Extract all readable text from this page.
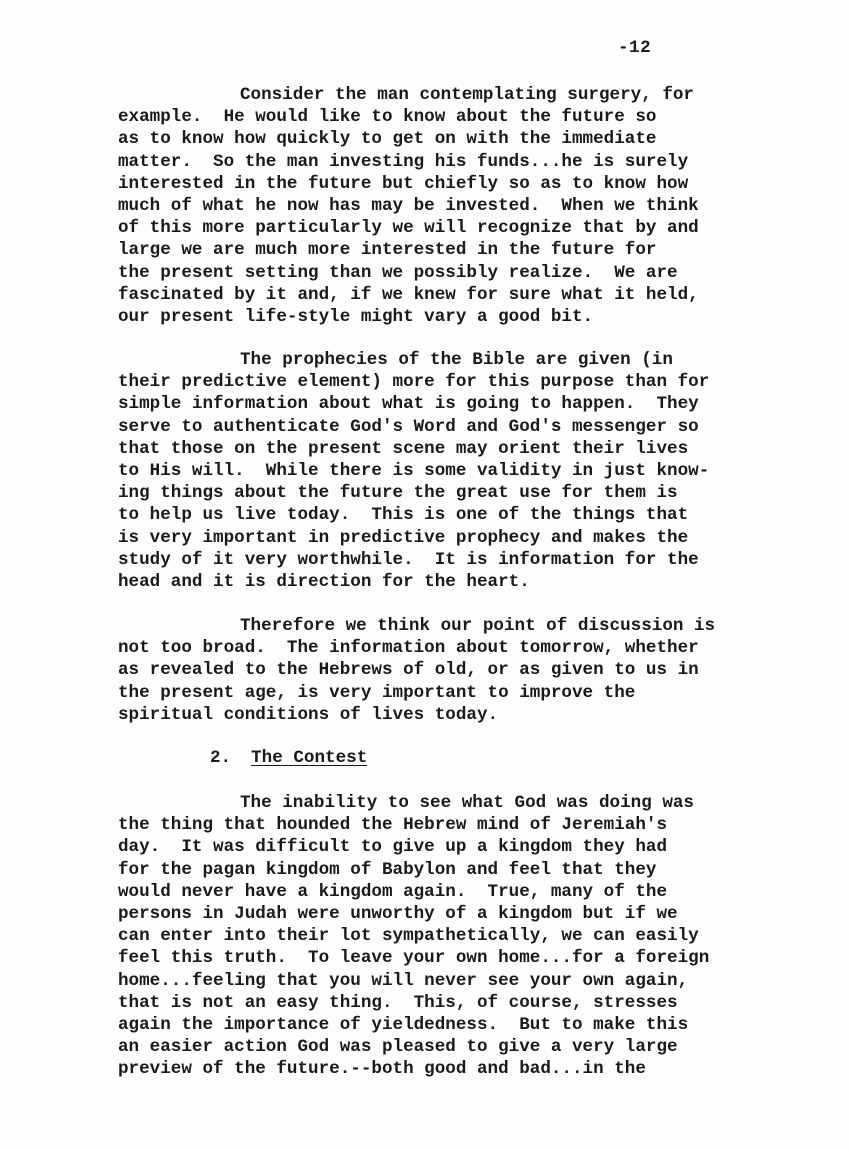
-12
Consider the man contemplating surgery, for
example.  He would like to know about the future so
as to know how quickly to get on with the immediate
matter.  So the man investing his funds...he is surely
interested in the future but chiefly so as to know how
much of what he now has may be invested.  When we think
of this more particularly we will recognize that by and
large we are much more interested in the future for
the present setting than we possibly realize.  We are
fascinated by it and, if we knew for sure what it held,
our present life-style might vary a good bit.
The prophecies of the Bible are given (in
their predictive element) more for this purpose than for
simple information about what is going to happen.  They
serve to authenticate God's Word and God's messenger so
that those on the present scene may orient their lives
to His will.  While there is some validity in just know-
ing things about the future the great use for them is
to help us live today.  This is one of the things that
is very important in predictive prophecy and makes the
study of it very worthwhile.  It is information for the
head and it is direction for the heart.
Therefore we think our point of discussion is
not too broad.  The information about tomorrow, whether
as revealed to the Hebrews of old, or as given to us in
the present age, is very important to improve the
spiritual conditions of lives today.
2. The Contest
The inability to see what God was doing was
the thing that hounded the Hebrew mind of Jeremiah's
day.  It was difficult to give up a kingdom they had
for the pagan kingdom of Babylon and feel that they
would never have a kingdom again.  True, many of the
persons in Judah were unworthy of a kingdom but if we
can enter into their lot sympathetically, we can easily
feel this truth.  To leave your own home...for a foreign
home...feeling that you will never see your own again,
that is not an easy thing.  This, of course, stresses
again the importance of yieldedness.  But to make this
an easier action God was pleased to give a very large
preview of the future.--both good and bad...in the
